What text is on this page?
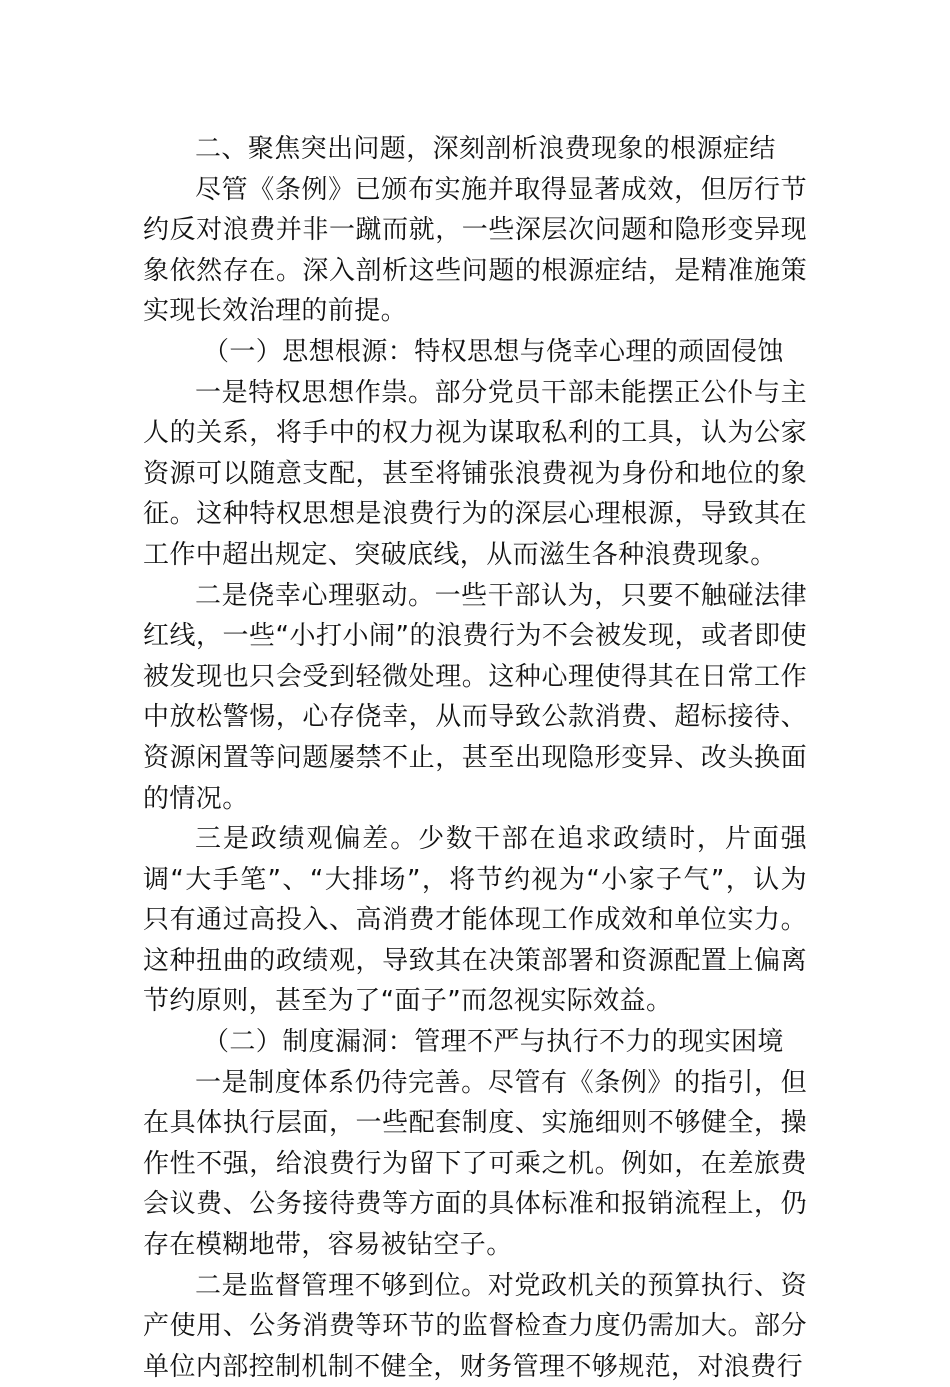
二、聚焦突出问题，深刻剖析浪费现象的根源症结

尽管《条例》已颁布实施并取得显著成效，但厉行节约反对浪费并非一蹴而就，一些深层次问题和隐形变异现象依然存在。深入剖析这些问题的根源症结，是精准施策实现长效治理的前提。

（一）思想根源：特权思想与侥幸心理的顽固侵蚀

一是特权思想作祟。部分党员干部未能摆正公仆与主人的关系，将手中的权力视为谋取私利的工具，认为公家资源可以随意支配，甚至将铺张浪费视为身份和地位的象征。这种特权思想是浪费行为的深层心理根源，导致其在工作中超出规定、突破底线，从而滋生各种浪费现象。

二是侥幸心理驱动。一些干部认为，只要不触碰法律红线，一些“小打小闹”的浪费行为不会被发现，或者即使被发现也只会受到轻微处理。这种心理使得其在日常工作中放松警惕，心存侥幸，从而导致公款消费、超标接待、资源闲置等问题屡禁不止，甚至出现隐形变异、改头换面的情况。

三是政绩观偏差。少数干部在追求政绩时，片面强调“大手笔”、“大排场”，将节约视为“小家子气”，认为只有通过高投入、高消费才能体现工作成效和单位实力。这种扭曲的政绩观，导致其在决策部署和资源配置上偏离节约原则，甚至为了“面子”而忽视实际效益。

（二）制度漏洞：管理不严与执行不力的现实困境

一是制度体系仍待完善。尽管有《条例》的指引，但在具体执行层面，一些配套制度、实施细则不够健全，操作性不强，给浪费行为留下了可乘之机。例如，在差旅费会议费、公务接待费等方面的具体标准和报销流程上，仍存在模糊地带，容易被钻空子。

二是监督管理不够到位。对党政机关的预算执行、资产使用、公务消费等环节的监督检查力度仍需加大。部分单位内部控制机制不健全，财务管理不够规范，对浪费行
